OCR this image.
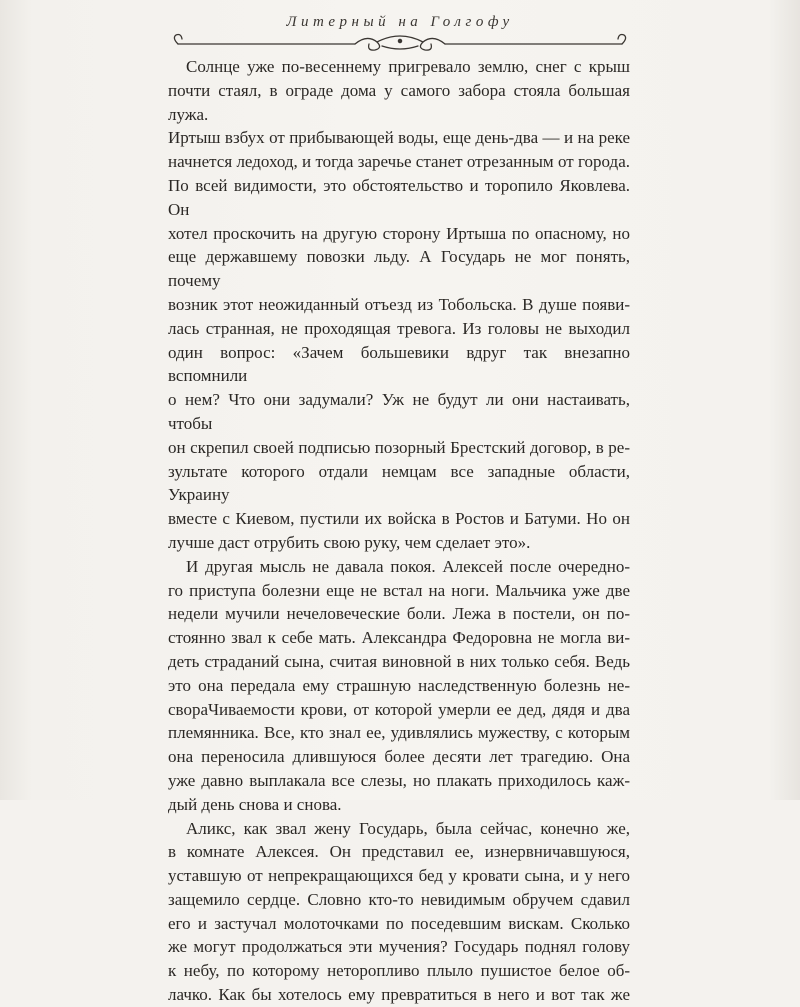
Литерный на Голгофу
Солнце уже по-весеннему пригревало землю, снег с крыш
почти стаял, в ограде дома у самого забора стояла большая лужа.
Иртыш взбух от прибывающей воды, еще день-два — и на реке
начнется ледоход, и тогда заречье станет отрезанным от города.
По всей видимости, это обстоятельство и торопило Яковлева. Он
хотел проскочить на другую сторону Иртыша по опасному, но
еще державшему повозки льду. А Государь не мог понять, почему
возник этот неожиданный отъезд из Тобольска. В душе появи-
лась странная, не проходящая тревога. Из головы не выходил
один вопрос: «Зачем большевики вдруг так внезапно вспомнили
о нем? Что они задумали? Уж не будут ли они настаивать, чтобы
он скрепил своей подписью позорный Брестский договор, в ре-
зультате которого отдали немцам все западные области, Украину
вместе с Киевом, пустили их войска в Ростов и Батуми. Но он
лучше даст отрубить свою руку, чем сделает это».
И другая мысль не давала покоя. Алексей после очередно-
го приступа болезни еще не встал на ноги. Мальчика уже две
недели мучили нечеловеческие боли. Лежа в постели, он по-
стоянно звал к себе мать. Александра Федоровна не могла ви-
деть страданий сына, считая виновной в них только себя. Ведь
это она передала ему страшную наследственную болезнь не-
свораЧиваемости крови, от которой умерли ее дед, дядя и два
племянника. Все, кто знал ее, удивлялись мужеству, с которым
она переносила длившуюся более десяти лет трагедию. Она
уже давно выплакала все слезы, но плакать приходилось каж-
дый день снова и снова.
Аликс, как звал жену Государь, была сейчас, конечно же,
в комнате Алексея. Он представил ее, изнервничавшуюся,
уставшую от непрекращающихся бед у кровати сына, и у него
защемило сердце. Словно кто-то невидимым обручем сдавил
его и застучал молоточками по поседевшим вискам. Сколько
же могут продолжаться эти мучения? Государь поднял голову
к небу, по которому неторопливо плыло пушистое белое об-
лачко. Как бы хотелось ему превратиться в него и вот так же
